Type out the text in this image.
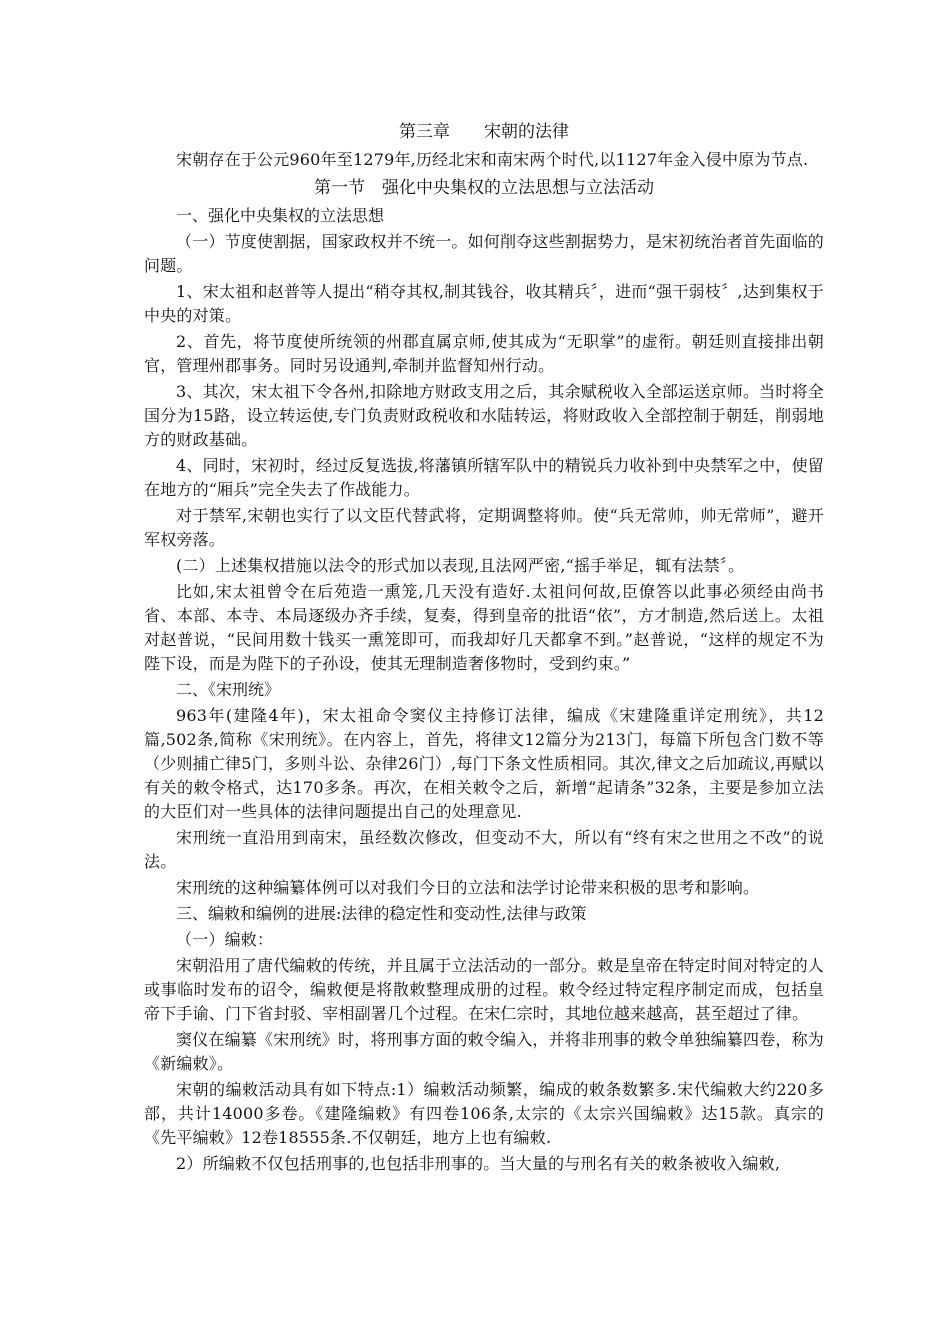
第三章　　宋朝的法律
宋朝存在于公元960年至1279年,历经北宋和南宋两个时代,以1127年金入侵中原为节点.
第一节　强化中央集权的立法思想与立法活动
一、强化中央集权的立法思想
（一）节度使割据，国家政权并不统一。如何削夺这些割据势力，是宋初统治者首先面临的问题。
1、宋太祖和赵普等人提出“稍夺其权,制其钱谷，收其精兵〞，进而“强干弱枝〞,达到集权于中央的对策。
2、首先，将节度使所统领的州郡直属京师,使其成为“无职掌”的虚衔。朝廷则直接排出朝官，管理州郡事务。同时另设通判,牵制并监督知州行动。
3、其次，宋太祖下令各州,扣除地方财政支用之后，其余赋税收入全部运送京师。当时将全国分为15路，设立转运使,专门负责财政税收和水陆转运，将财政收入全部控制于朝廷，削弱地方的财政基础。
4、同时，宋初时，经过反复选拔,将藩镇所辖军队中的精锐兵力收补到中央禁军之中，使留在地方的“厢兵”完全失去了作战能力。
对于禁军,宋朝也实行了以文臣代替武将，定期调整将帅。使“兵无常帅，帅无常师”，避开军权旁落。
(二）上述集权措施以法令的形式加以表现,且法网严密,“摇手举足，辄有法禁〞。
比如,宋太祖曾令在后苑造一熏笼,几天没有造好.太祖问何故,臣僚答以此事必须经由尚书省、本部、本寺、本局逐级办齐手续，复奏，得到皇帝的批语“依”，方才制造,然后送上。太祖对赵普说，“民间用数十钱买一熏笼即可，而我却好几天都拿不到。”赵普说，“这样的规定不为陛下设，而是为陛下的子孙设，使其无理制造奢侈物时，受到约束。”
二、《宋刑统》
963年(建隆4年)，宋太祖命令窦仪主持修订法律，编成《宋建隆重详定刑统》，共12篇,502条,简称《宋刑统》。在内容上，首先，将律文12篇分为213门，每篇下所包含门数不等（少则捕亡律5门，多则斗讼、杂律26门）,每门下条文性质相同。其次,律文之后加疏议,再赋以有关的敕令格式，达170多条。再次，在相关敕令之后，新增“起请条”32条，主要是参加立法的大臣们对一些具体的法律问题提出自己的处理意见.
宋刑统一直沿用到南宋，虽经数次修改，但变动不大，所以有“终有宋之世用之不改”的说法。
宋刑统的这种编纂体例可以对我们今日的立法和法学讨论带来积极的思考和影响。
三、编敕和编例的进展:法律的稳定性和变动性,法律与政策
（一）编敕：
宋朝沿用了唐代编敕的传统，并且属于立法活动的一部分。敕是皇帝在特定时间对特定的人或事临时发布的诏令，编敕便是将散敕整理成册的过程。敕令经过特定程序制定而成，包括皇帝下手谕、门下省封驳、宰相副署几个过程。在宋仁宗时，其地位越来越高，甚至超过了律。
窦仪在编纂《宋刑统》时，将刑事方面的敕令编入，并将非刑事的敕令单独编纂四卷，称为《新编敕》。
宋朝的编敕活动具有如下特点:1）编敕活动频繁，编成的敕条数繁多.宋代编敕大约220多部，共计14000多卷。《建隆编敕》有四卷106条,太宗的《太宗兴国编敕》达15款。真宗的《先平编敕》12卷18555条.不仅朝廷，地方上也有编敕.
2）所编敕不仅包括刑事的,也包括非刑事的。当大量的与刑名有关的敕条被收入编敕,
